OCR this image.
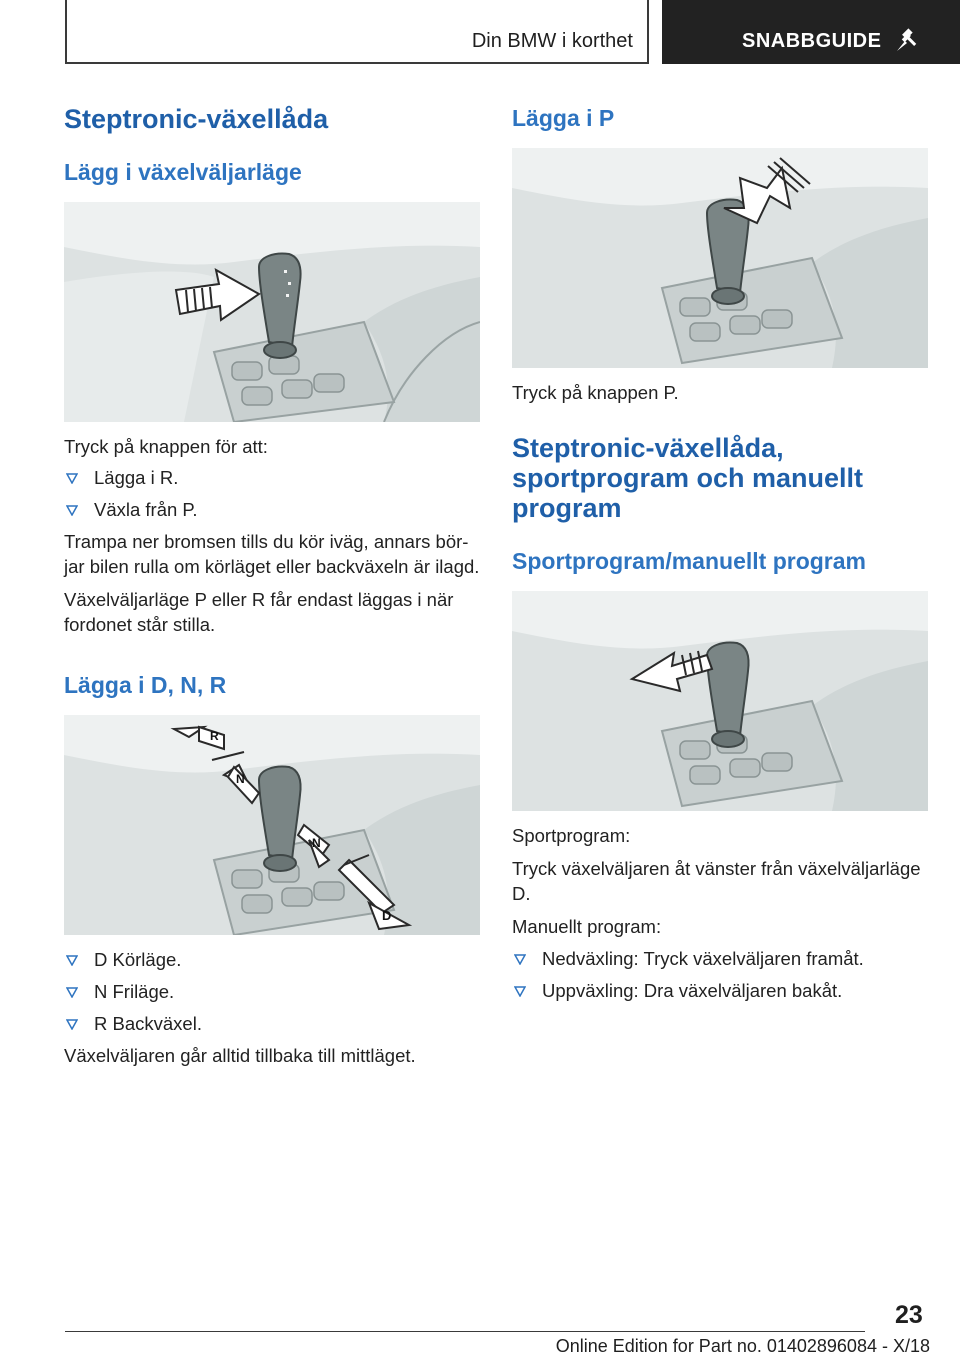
Din BMW i korthet	SNABBGUIDE
Steptronic-växellåda
Lägg i växelväljarläge

Tryck på knappen för att:

Lägga i R.
Växla från P.

Trampa ner bromsen tills du kör iväg, annars börjar bilen rulla om körläget eller backväxeln är ilagd.

Växelväljarläge P eller R får endast läggas i när fordonet står stilla.

Lägga i D, N, R
R
N
N
D
D Körläge.
N Friläge.
R Backväxel.

Växelväljaren går alltid tillbaka till mittläget.

Lägga i P

Tryck på knappen P.

Steptronic-växellåda, sportprogram och manuellt program
Sportprogram/manuellt program

Sportprogram:

Tryck växelväljaren åt vänster från växelväljarläge D.

Manuellt program:

Nedväxling: Tryck växelväljaren framåt.
Uppväxling: Dra växelväljaren bakåt.
23
Online Edition for Part no. 01402896084 - X/18
